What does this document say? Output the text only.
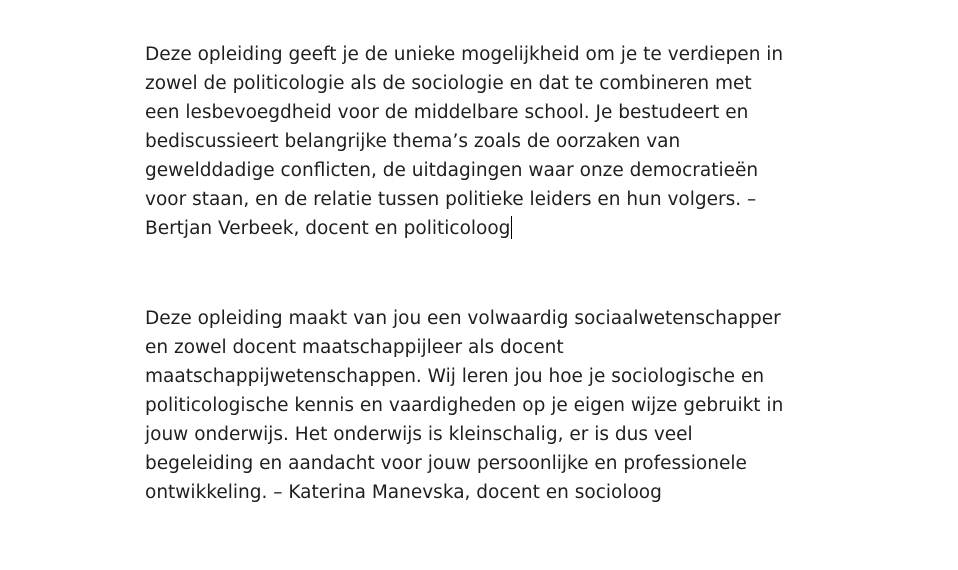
Deze opleiding geeft je de unieke mogelijkheid om je te verdiepen in
zowel de politicologie als de sociologie en dat te combineren met
een lesbevoegdheid voor de middelbare school. Je bestudeert en
bediscussieert belangrijke thema’s zoals de oorzaken van
gewelddadige conflicten, de uitdagingen waar onze democratieën
voor staan, en de relatie tussen politieke leiders en hun volgers. –
Bertjan Verbeek, docent en politicoloog

Deze opleiding maakt van jou een volwaardig sociaalwetenschapper
en zowel docent maatschappijleer als docent
maatschappijwetenschappen. Wij leren jou hoe je sociologische en
politicologische kennis en vaardigheden op je eigen wijze gebruikt in
jouw onderwijs. Het onderwijs is kleinschalig, er is dus veel
begeleiding en aandacht voor jouw persoonlijke en professionele
ontwikkeling. – Katerina Manevska, docent en socioloog
